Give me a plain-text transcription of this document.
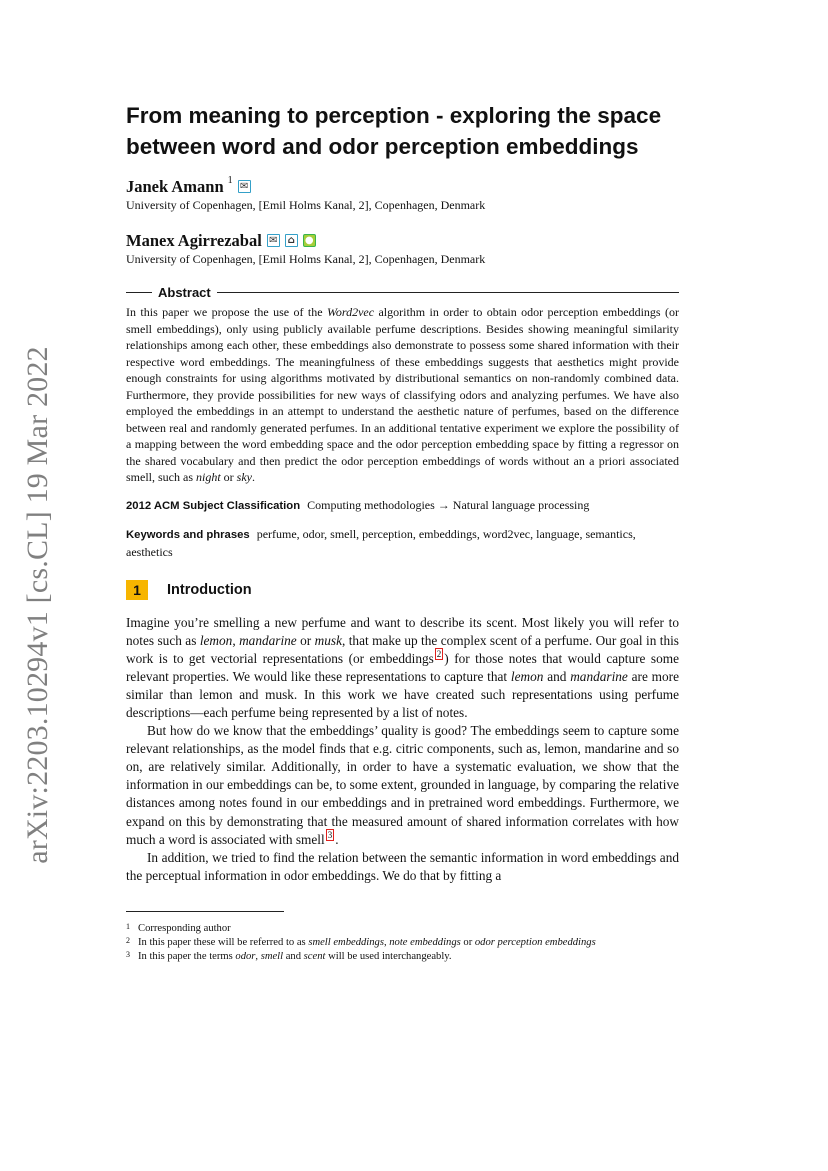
arXiv:2203.10294v1 [cs.CL] 19 Mar 2022
From meaning to perception - exploring the space between word and odor perception embeddings
Janek Amann $^1$ ✉
University of Copenhagen, [Emil Holms Kanal, 2], Copenhagen, Denmark
Manex Agirrezabal ✉ ⌂ ●
University of Copenhagen, [Emil Holms Kanal, 2], Copenhagen, Denmark
Abstract
In this paper we propose the use of the Word2vec algorithm in order to obtain odor perception embeddings (or smell embeddings), only using publicly available perfume descriptions. Besides showing meaningful similarity relationships among each other, these embeddings also demonstrate to possess some shared information with their respective word embeddings. The meaningfulness of these embeddings suggests that aesthetics might provide enough constraints for using algorithms motivated by distributional semantics on non-randomly combined data. Furthermore, they provide possibilities for new ways of classifying odors and analyzing perfumes. We have also employed the embeddings in an attempt to understand the aesthetic nature of perfumes, based on the difference between real and randomly generated perfumes. In an additional tentative experiment we explore the possibility of a mapping between the word embedding space and the odor perception embedding space by fitting a regressor on the shared vocabulary and then predict the odor perception embeddings of words without an a priori associated smell, such as night or sky.
2012 ACM Subject Classification Computing methodologies → Natural language processing
Keywords and phrases perfume, odor, smell, perception, embeddings, word2vec, language, semantics, aesthetics
1	Introduction

Imagine you’re smelling a new perfume and want to describe its scent. Most likely you will refer to notes such as lemon, mandarine or musk, that make up the complex scent of a perfume. Our goal in this work is to get vectorial representations (or embeddings $^2$ ) for those notes that would capture some relevant properties. We would like these representations to capture that lemon and mandarine are more similar than lemon and musk. In this work we have created such representations using perfume descriptions—each perfume being represented by a list of notes.

But how do we know that the embeddings’ quality is good? The embeddings seem to capture some relevant relationships, as the model finds that e.g. citric components, such as, lemon, mandarine and so on, are relatively similar. Additionally, in order to have a systematic evaluation, we show that the information in our embeddings can be, to some extent, grounded in language, by comparing the relative distances among notes found in our embeddings and in pretrained word embeddings. Furthermore, we expand on this by demonstrating that the measured amount of shared information correlates with how much a word is associated with smell $^3$ .

In addition, we tried to find the relation between the semantic information in word embeddings and the perceptual information in odor embeddings. We do that by fitting a

$^1$ Corresponding author
$^2$ In this paper these will be referred to as smell embeddings, note embeddings or odor perception embeddings
$^3$ In this paper the terms odor, smell and scent will be used interchangeably.
